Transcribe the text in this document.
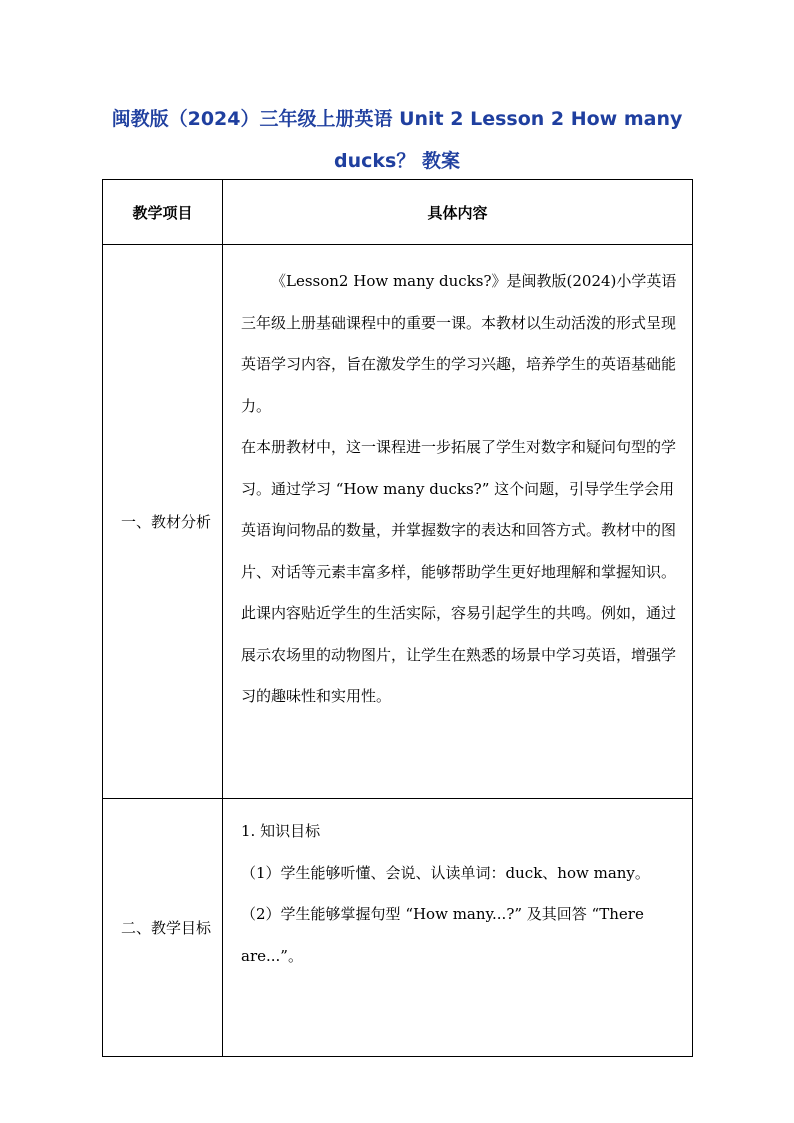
闽教版（2024）三年级上册英语 Unit 2 Lesson 2 How many ducks？ 教案
教学项目	具体内容
一、教材分析	《Lesson2 How many ducks?》是闽教版(2024)小学英语三年级上册基础课程中的重要一课。本教材以生动活泼的形式呈现英语学习内容，旨在激发学生的学习兴趣，培养学生的英语基础能力。

在本册教材中，这一课程进一步拓展了学生对数字和疑问句型的学习。通过学习 “How many ducks?” 这个问题，引导学生学会用英语询问物品的数量，并掌握数字的表达和回答方式。教材中的图片、对话等元素丰富多样，能够帮助学生更好地理解和掌握知识。此课内容贴近学生的生活实际，容易引起学生的共鸣。例如，通过展示农场里的动物图片，让学生在熟悉的场景中学习英语，增强学习的趣味性和实用性。

二、教学目标	1. 知识目标

（1）学生能够听懂、会说、认读单词：duck、how many。

（2）学生能够掌握句型 “How many...?” 及其回答 “There are...”。
